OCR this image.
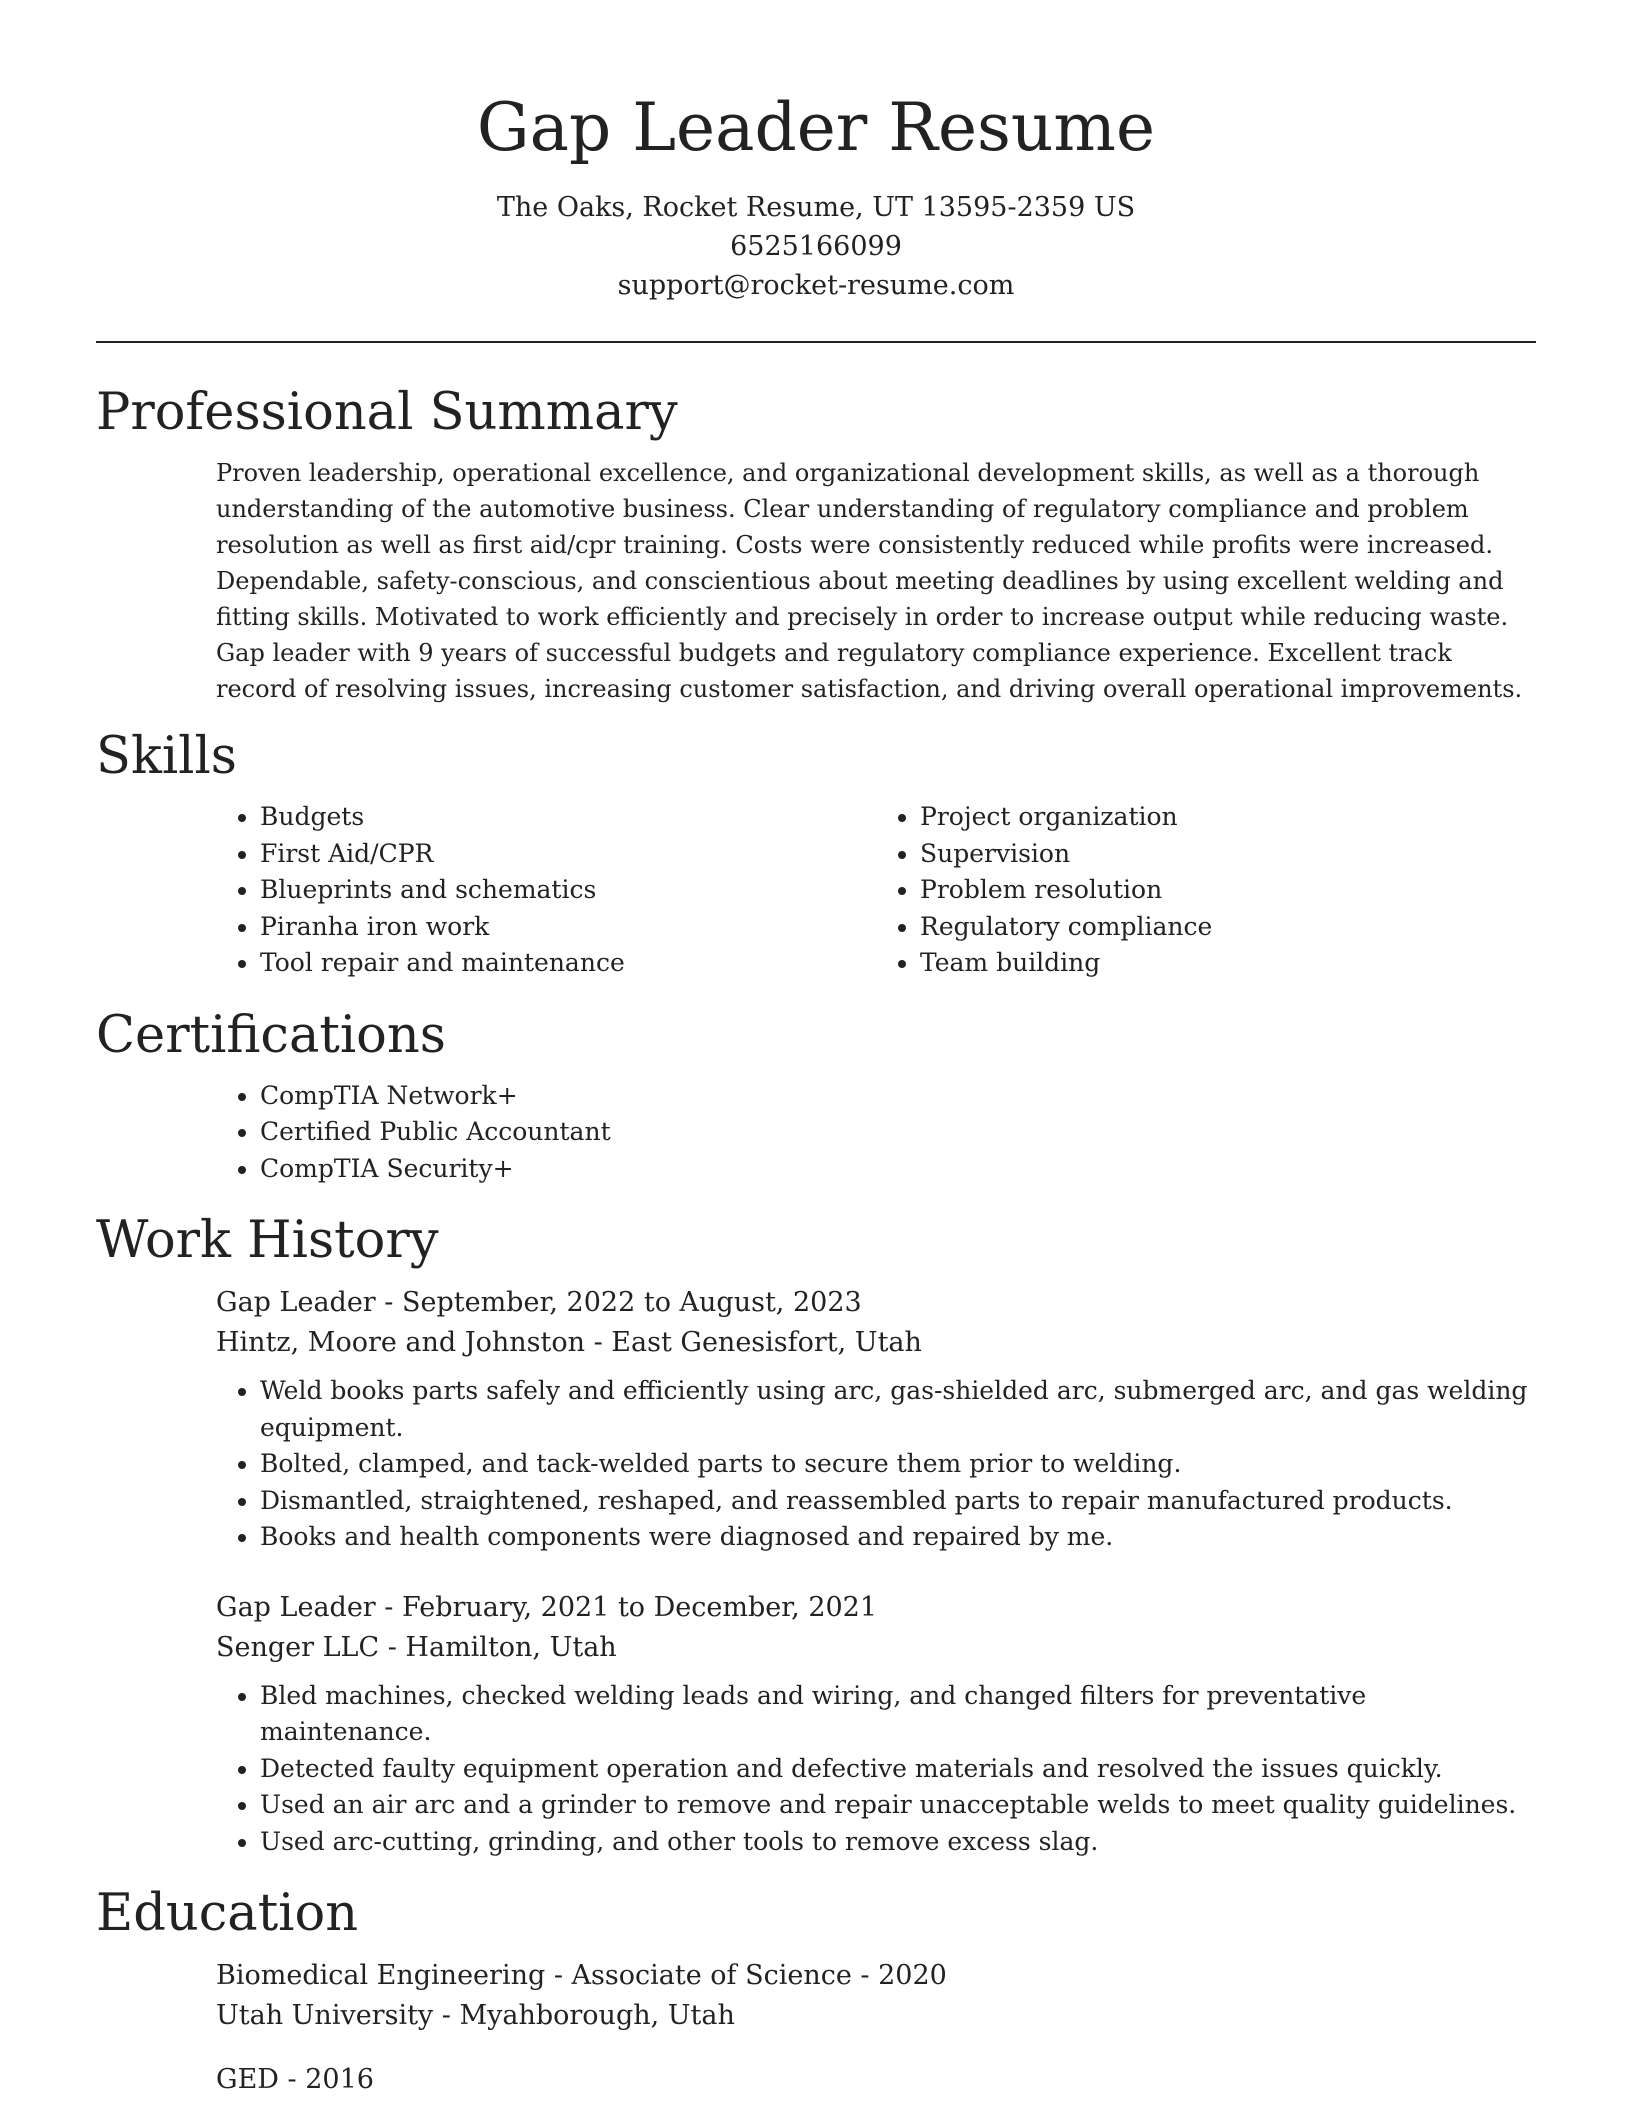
Gap Leader Resume
The Oaks, Rocket Resume, UT 13595-2359 US
6525166099
support@rocket-resume.com
Professional Summary

Proven leadership, operational excellence, and organizational development skills, as well as a thorough understanding of the automotive business. Clear understanding of regulatory compliance and problem resolution as well as first aid/cpr training. Costs were consistently reduced while profits were increased. Dependable, safety-conscious, and conscientious about meeting deadlines by using excellent welding and fitting skills. Motivated to work efficiently and precisely in order to increase output while reducing waste. Gap leader with 9 years of successful budgets and regulatory compliance experience. Excellent track record of resolving issues, increasing customer satisfaction, and driving overall operational improvements.

Skills
• Budgets
• First Aid/CPR
• Blueprints and schematics
• Piranha iron work
• Tool repair and maintenance
• Project organization
• Supervision
• Problem resolution
• Regulatory compliance
• Team building
Certifications
• CompTIA Network+
• Certified Public Accountant
• CompTIA Security+
Work History

Gap Leader - September, 2022 to August, 2023

Hintz, Moore and Johnston - East Genesisfort, Utah

• Weld books parts safely and efficiently using arc, gas-shielded arc, submerged arc, and gas welding equipment.
• Bolted, clamped, and tack-welded parts to secure them prior to welding.
• Dismantled, straightened, reshaped, and reassembled parts to repair manufactured products.
• Books and health components were diagnosed and repaired by me.

Gap Leader - February, 2021 to December, 2021

Senger LLC - Hamilton, Utah

• Bled machines, checked welding leads and wiring, and changed filters for preventative maintenance.
• Detected faulty equipment operation and defective materials and resolved the issues quickly.
• Used an air arc and a grinder to remove and repair unacceptable welds to meet quality guidelines.
• Used arc-cutting, grinding, and other tools to remove excess slag.
Education

Biomedical Engineering - Associate of Science - 2020

Utah University - Myahborough, Utah

GED - 2016
